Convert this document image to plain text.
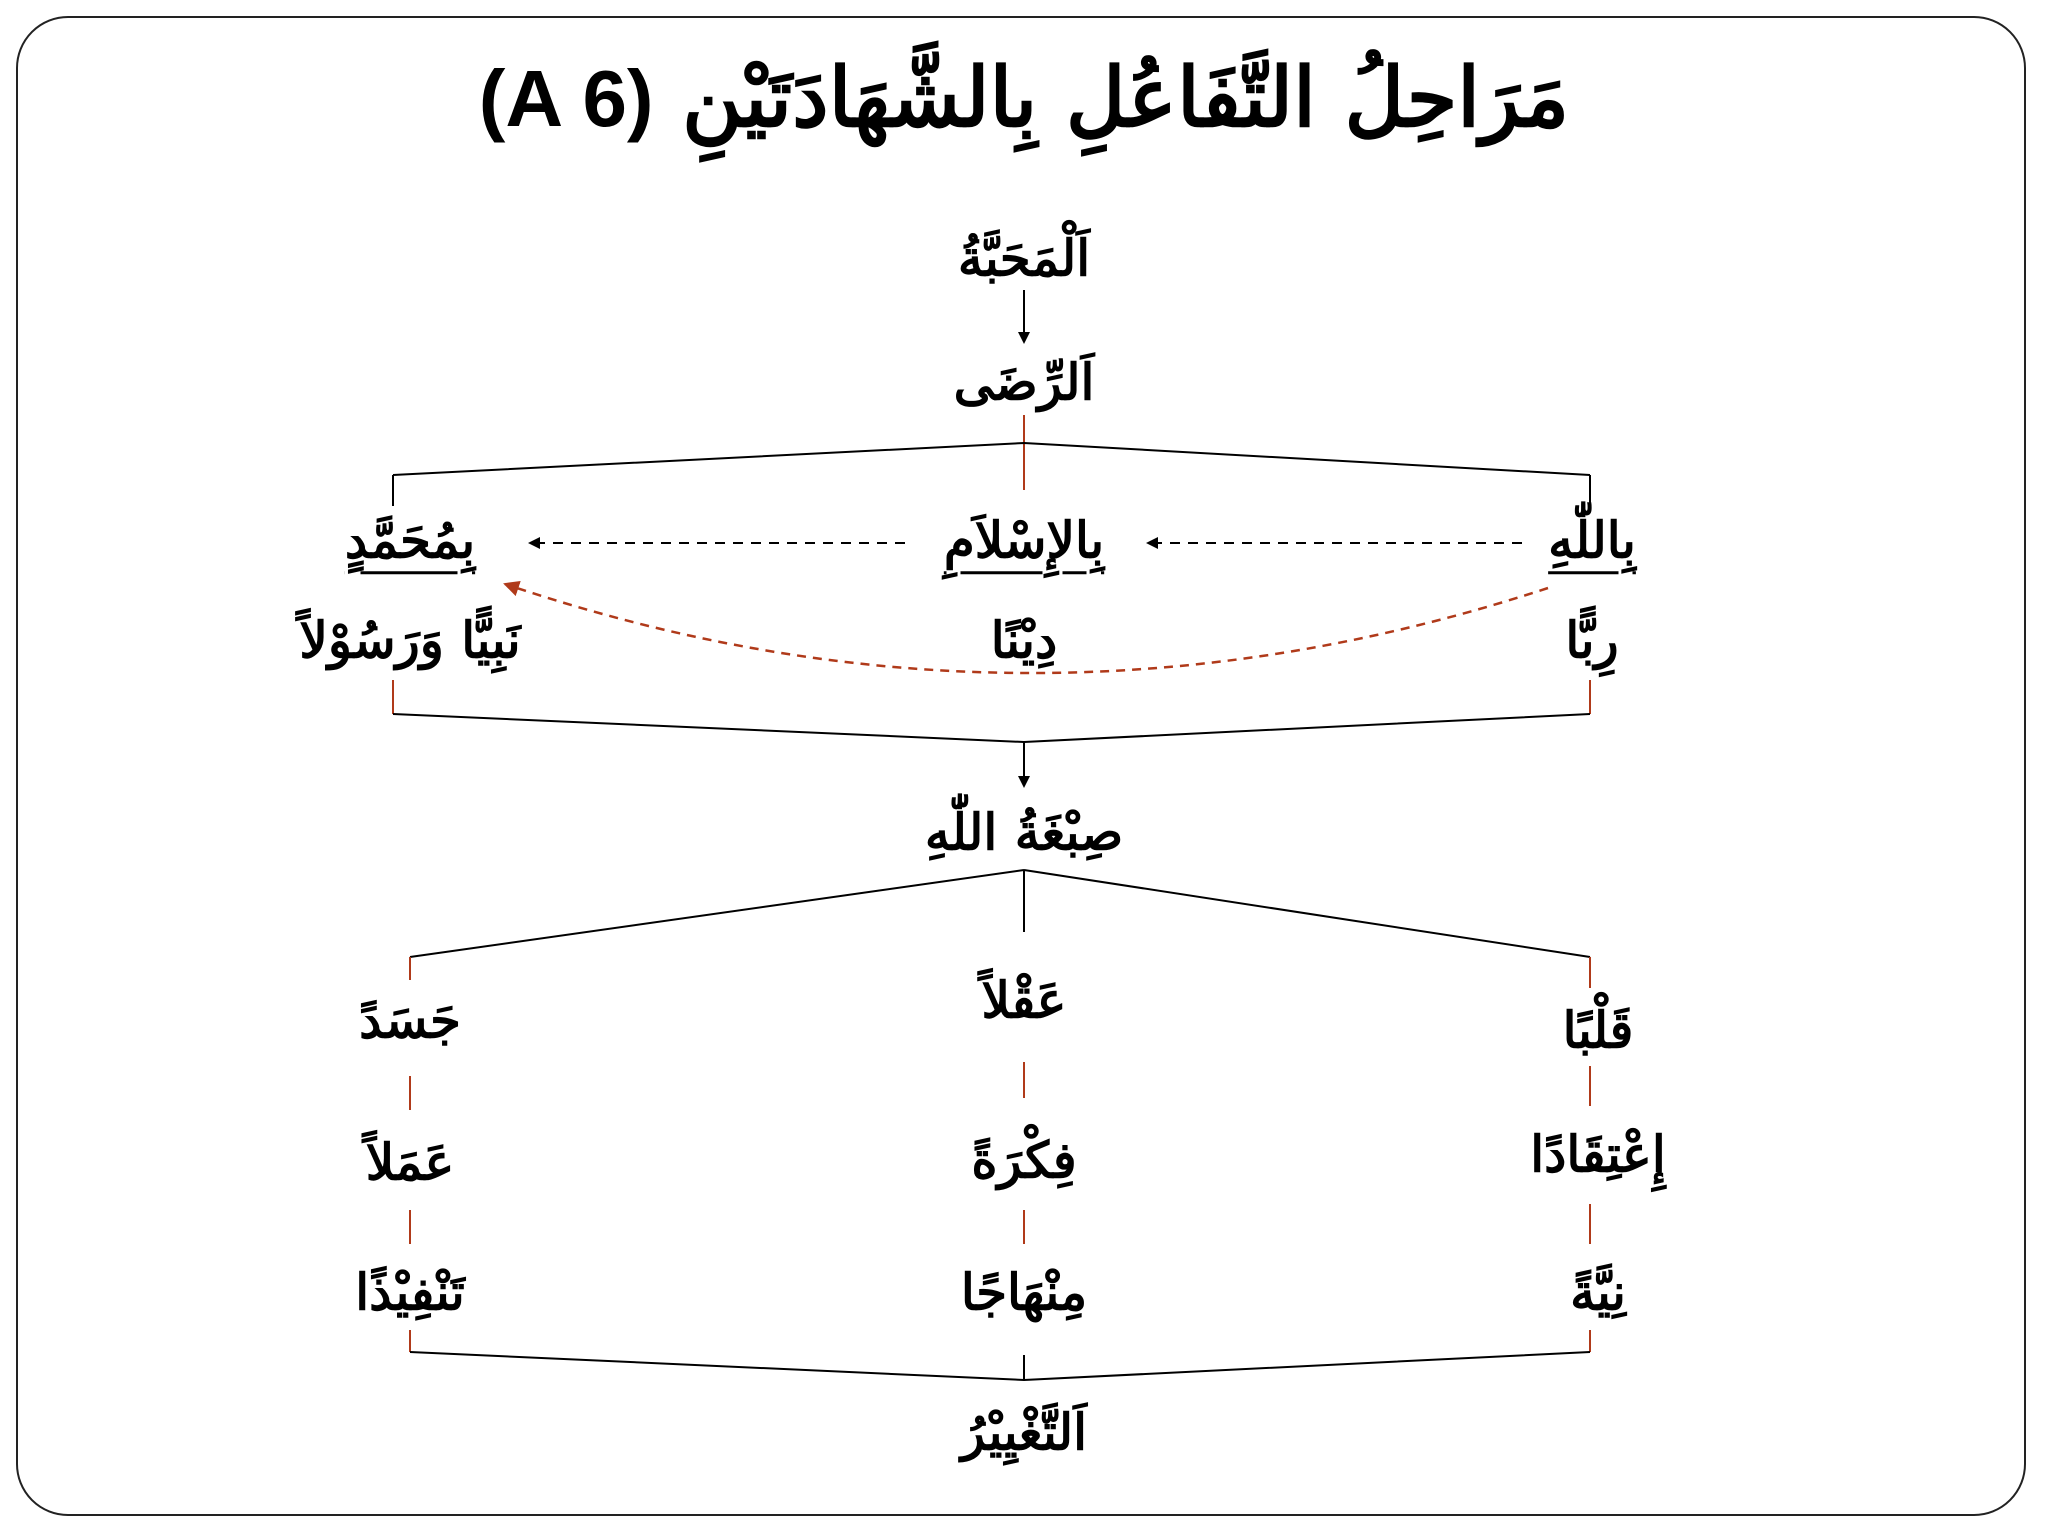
(A 6) مَرَاحِلُ التَّفَاعُلِ بِالشَّهَادَتَيْنِ
اَلْمَحَبَّةُ
اَلرِّضَى
بِاللّٰهِ
رِبًّا
بِالإِسْلاَمِ
دِيْنًا
بِمُحَمَّدٍ
نَبِيًّا وَرَسُوْلاً
صِبْغَةُ اللّٰهِ
قَلْبًا
إِعْتِقَادًا
نِيَّةً
عَقْلاً
فِكْرَةً
مِنْهَاجًا
جَسَدً
عَمَلاً
تَنْفِيْذًا
اَلتَّغْيِيْرُ
